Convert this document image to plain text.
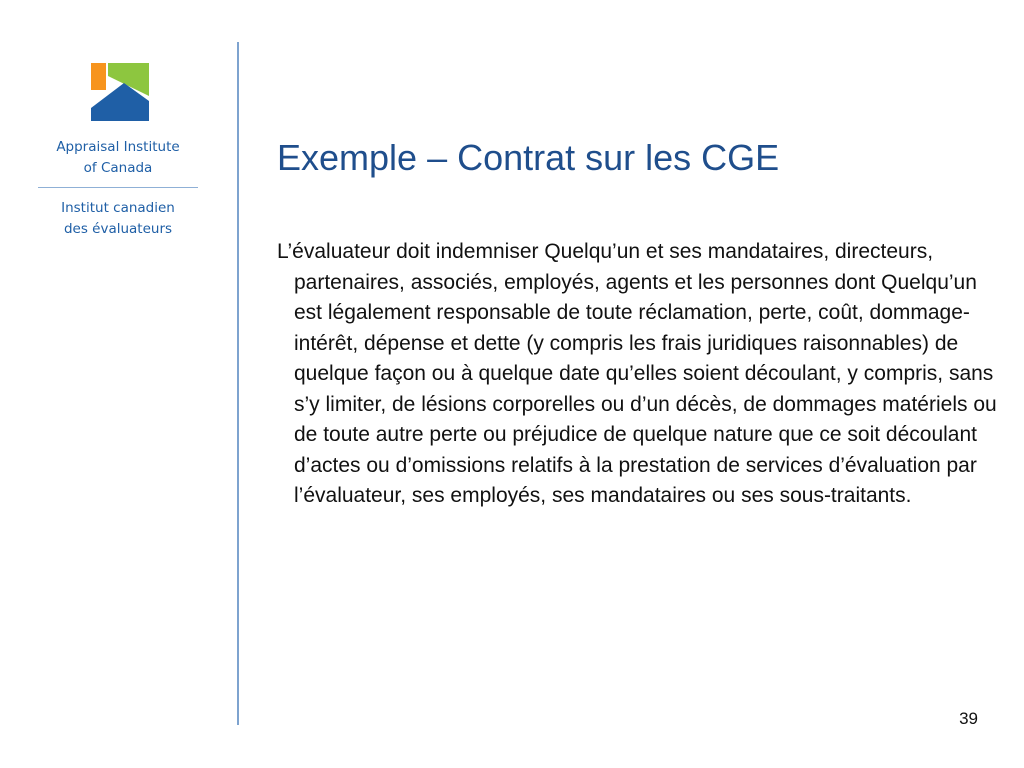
Appraisal Institute
of Canada
Institut canadien
des évaluateurs
Exemple – Contrat sur les CGE

L’évaluateur doit indemniser Quelqu’un et ses mandataires, directeurs, partenaires, associés, employés, agents et les personnes dont Quelqu’un est légalement responsable de toute réclamation, perte, coût, dommage-intérêt, dépense et dette (y compris les frais juridiques raisonnables) de quelque façon ou à quelque date qu’elles soient découlant, y compris, sans s’y limiter, de lésions corporelles ou d’un décès, de dommages matériels ou de toute autre perte ou préjudice de quelque nature que ce soit découlant d’actes ou d’omissions relatifs à la prestation de services d’évaluation par l’évaluateur, ses employés, ses mandataires ou ses sous-traitants.

39
